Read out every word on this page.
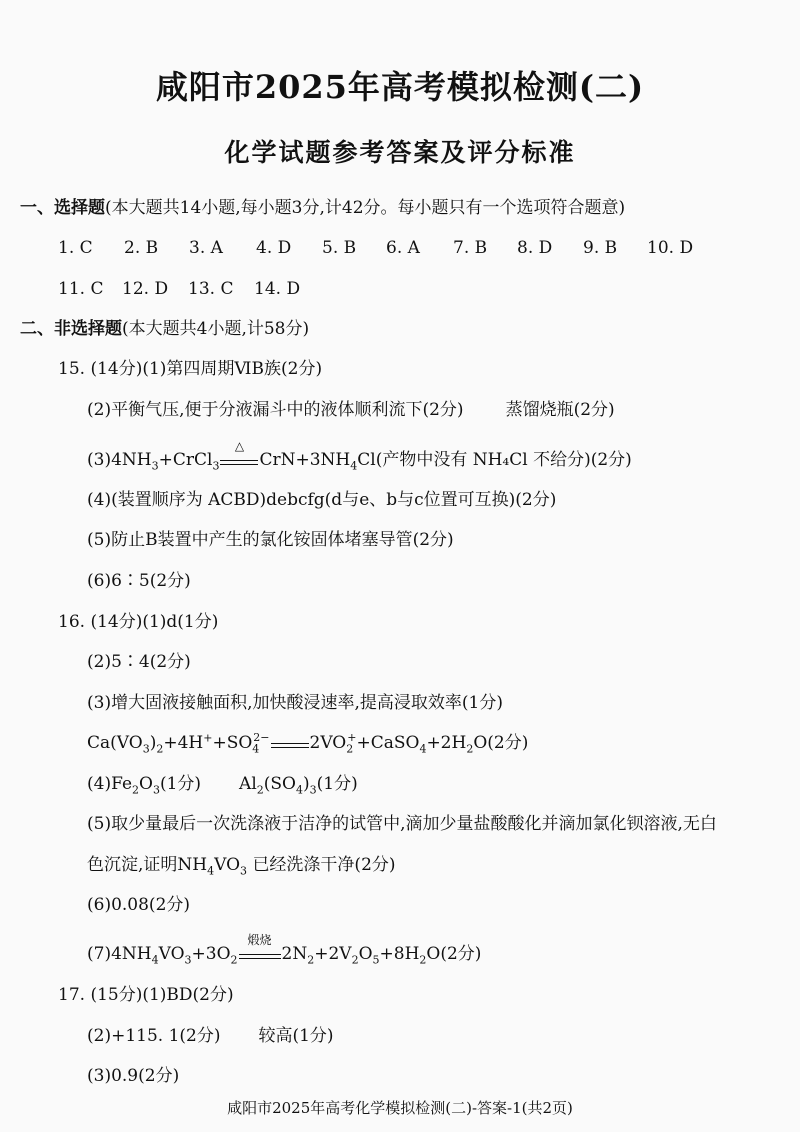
咸阳市2025年高考模拟检测(二)
化学试题参考答案及评分标准
一、选择题(本大题共14小题,每小题3分,计42分。每小题只有一个选项符合题意)
1. C 2. B 3. A 4. D 5. B 6. A 7. B 8. D 9. B 10. D
11. C 12. D 13. C 14. D
二、非选择题(本大题共4小题,计58分)
15. (14分)(1)第四周期ⅥB族(2分)
(2)平衡气压,便于分液漏斗中的液体顺利流下(2分) 蒸馏烧瓶(2分)
$(3)4NH_3+CrCl_3$
△
$CrN+3NH_4Cl$(产物中没有 NH₄Cl 不给分)(2分)
(4)(装置顺序为 ACBD)debcfg(d与e、b与c位置可互换)(2分)
(5)防止B装置中产生的氯化铵固体堵塞导管(2分)
(6)6∶5(2分)
16. (14分)(1)d(1分)
(2)5∶4(2分)
(3)增大固液接触面积,加快酸浸速率,提高浸取效率(1分)
$Ca(VO_3)_2+4H^++SO_4^{2-}$ $2VO_2^++CaSO_4+2H_2O(2$分)
$(4)Fe_2O_3(1$分) $Al_2(SO_4)_3(1$分)
(5)取少量最后一次洗涤液于洁净的试管中,滴加少量盐酸酸化并滴加氯化钡溶液,无白
色沉淀,证明$NH_4VO_3$ 已经洗涤干净(2分)
(6)0.08(2分)
$(7)4NH_4VO_3+3O_2$
煅烧
$2N_2+2V_2O_5+8H_2O(2$分)
17. (15分)(1)BD(2分)
(2)+115. 1(2分) 较高(1分)
(3)0.9(2分)
咸阳市2025年高考化学模拟检测(二)-答案-1(共2页)
